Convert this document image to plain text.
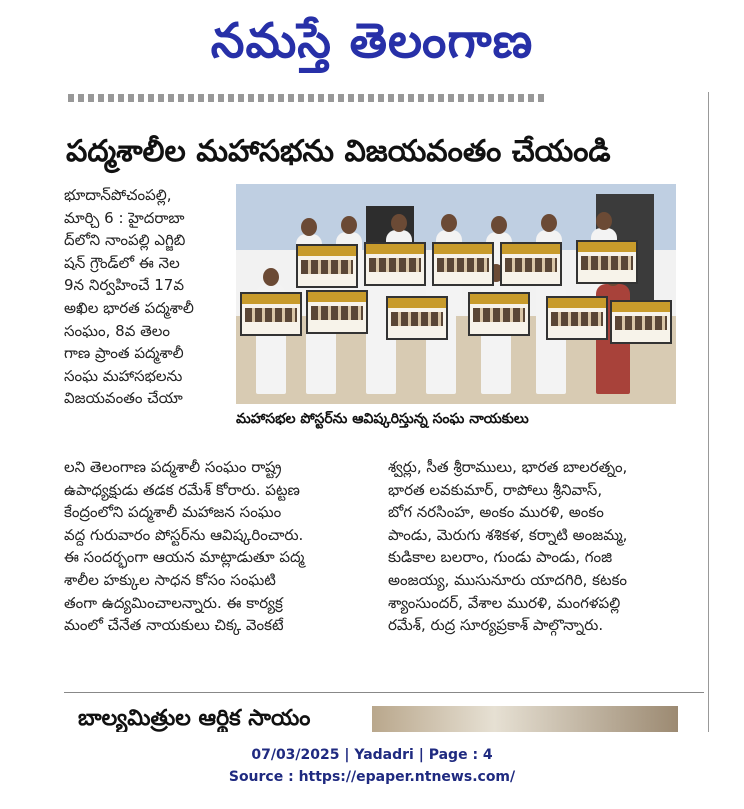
నమస్తే తెలంగాణ
పద్మశాలీల మహాసభను విజయవంతం చేయండి
భూదాన్‌పోచంపల్లి,
మార్చి 6 : హైదరాబా
ద్‌లోని నాంపల్లి ఎగ్జిబి
షన్ గ్రౌండ్‌లో ఈ నెల
9న నిర్వహించే 17వ
అఖిల భారత పద్మశాలీ
సంఘం, 8వ తెలం
గాణ ప్రాంత పద్మశాలీ
సంఘ మహాసభలను
విజయవంతం చేయా
మహాసభల పోస్టర్‌ను ఆవిష్కరిస్తున్న సంఘ నాయకులు
లని తెలంగాణ పద్మశాలీ సంఘం రాష్ట్ర
ఉపాధ్యక్షుడు తడక రమేశ్ కోరారు. పట్టణ
కేంద్రంలోని పద్మశాలీ మహాజన సంఘం
వద్ద గురువారం పోస్టర్‌ను ఆవిష్కరించారు.
ఈ సందర్భంగా ఆయన మాట్లాడుతూ పద్మ
శాలీల హక్కుల సాధన కోసం సంఘటి
తంగా ఉద్యమించాలన్నారు. ఈ కార్యక్ర
మంలో చేనేత నాయకులు చిక్క వెంకటే
శ్వర్లు, సీత శ్రీరాములు, భారత బాలరత్నం,
భారత లవకుమార్, రాపోలు శ్రీనివాస్,
బోగ నరసింహ, అంకం మురళి, అంకం
పాండు, మెరుగు శశికళ, కర్నాటి అంజమ్మ,
కుడికాల బలరాం, గుండు పాండు, గంజి
అంజయ్య, ముసునూరు యాదగిరి, కటకం
శ్యాంసుందర్, వేశాల మురళి, మంగళపల్లి
రమేశ్, రుద్ర సూర్యప్రకాశ్ పాల్గొన్నారు.
బాల్యమిత్రుల ఆర్థిక సాయం
07/03/2025 | Yadadri | Page : 4
Source : https://epaper.ntnews.com/
